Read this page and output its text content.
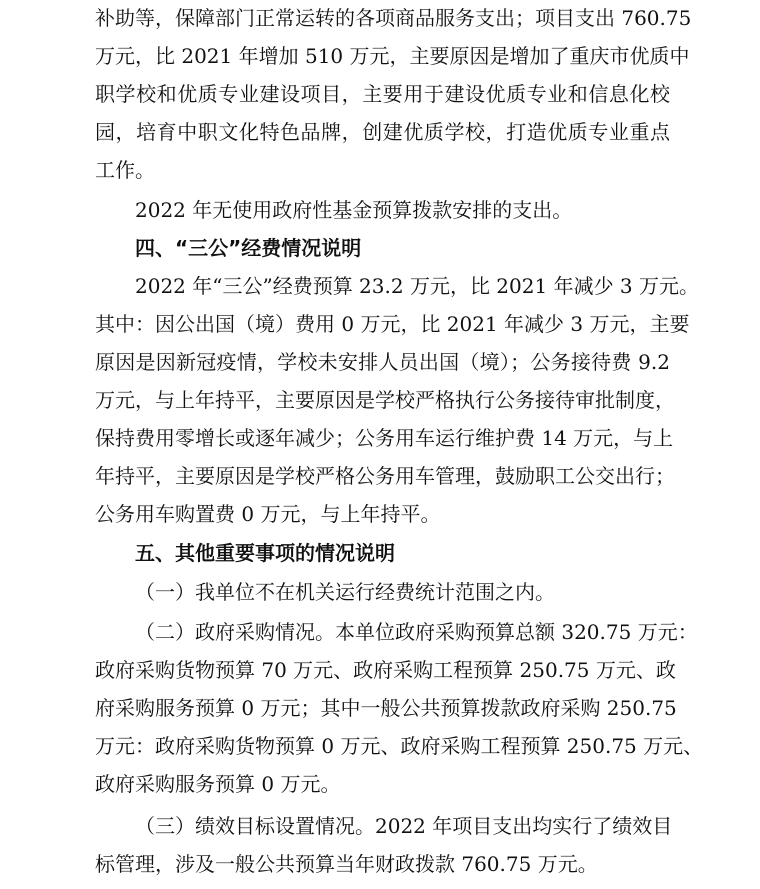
补助等，保障部门正常运转的各项商品服务支出；项目支出 760.75
万元，比 2021 年增加 510 万元，主要原因是增加了重庆市优质中
职学校和优质专业建设项目，主要用于建设优质专业和信息化校
园，培育中职文化特色品牌，创建优质学校，打造优质专业重点
工作。
2022 年无使用政府性基金预算拨款安排的支出。
四、“三公”经费情况说明
2022 年“三公”经费预算 23.2 万元，比 2021 年减少 3 万元。
其中：因公出国（境）费用 0 万元，比 2021 年减少 3 万元，主要
原因是因新冠疫情，学校未安排人员出国（境）；公务接待费 9.2
万元，与上年持平，主要原因是学校严格执行公务接待审批制度，
保持费用零增长或逐年减少；公务用车运行维护费 14 万元，与上
年持平，主要原因是学校严格公务用车管理，鼓励职工公交出行；
公务用车购置费 0 万元，与上年持平。
五、其他重要事项的情况说明
（一）我单位不在机关运行经费统计范围之内。
（二）政府采购情况。本单位政府采购预算总额 320.75 万元：
政府采购货物预算 70 万元、政府采购工程预算 250.75 万元、政
府采购服务预算 0 万元；其中一般公共预算拨款政府采购 250.75
万元：政府采购货物预算 0 万元、政府采购工程预算 250.75 万元、
政府采购服务预算 0 万元。
（三）绩效目标设置情况。2022 年项目支出均实行了绩效目
标管理，涉及一般公共预算当年财政拨款 760.75 万元。
